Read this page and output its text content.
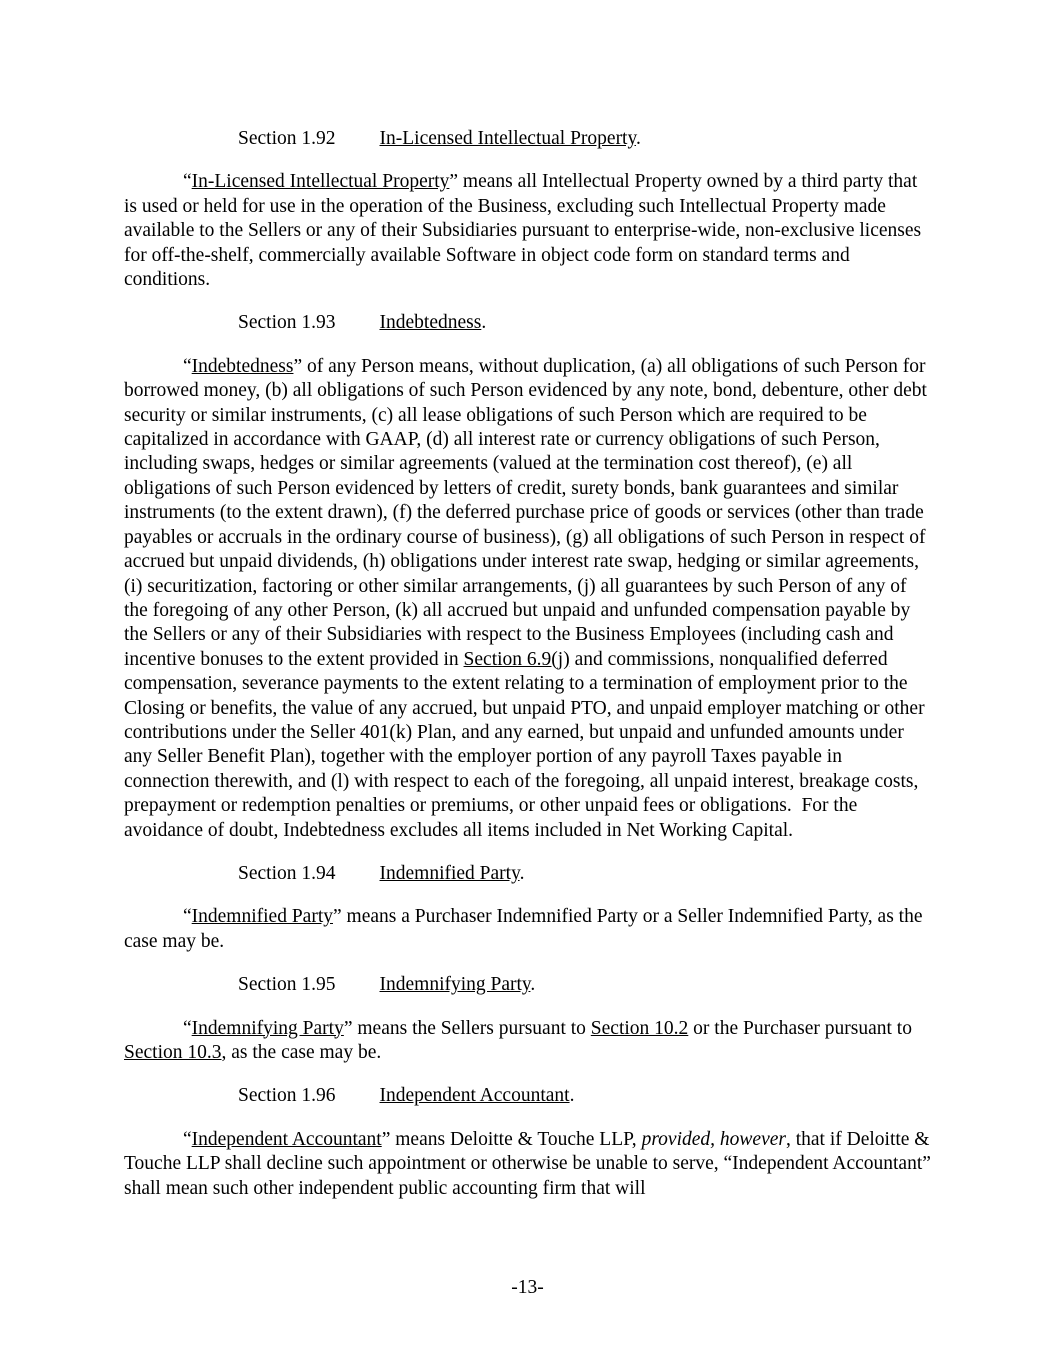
Section 1.92 In-Licensed Intellectual Property.

“In-Licensed Intellectual Property” means all Intellectual Property owned by a third party that is used or held for use in the operation of the Business, excluding such Intellectual Property made available to the Sellers or any of their Subsidiaries pursuant to enterprise-wide, non-exclusive licenses for off-the-shelf, commercially available Software in object code form on standard terms and conditions.

Section 1.93 Indebtedness.

“Indebtedness” of any Person means, without duplication, (a) all obligations of such Person for borrowed money, (b) all obligations of such Person evidenced by any note, bond, debenture, other debt security or similar instruments, (c) all lease obligations of such Person which are required to be capitalized in accordance with GAAP, (d) all interest rate or currency obligations of such Person, including swaps, hedges or similar agreements (valued at the termination cost thereof), (e) all obligations of such Person evidenced by letters of credit, surety bonds, bank guarantees and similar instruments (to the extent drawn), (f) the deferred purchase price of goods or services (other than trade payables or accruals in the ordinary course of business), (g) all obligations of such Person in respect of accrued but unpaid dividends, (h) obligations under interest rate swap, hedging or similar agreements, (i) securitization, factoring or other similar arrangements, (j) all guarantees by such Person of any of the foregoing of any other Person, (k) all accrued but unpaid and unfunded compensation payable by the Sellers or any of their Subsidiaries with respect to the Business Employees (including cash and incentive bonuses to the extent provided in Section 6.9(j) and commissions, nonqualified deferred compensation, severance payments to the extent relating to a termination of employment prior to the Closing or benefits, the value of any accrued, but unpaid PTO, and unpaid employer matching or other contributions under the Seller 401(k) Plan, and any earned, but unpaid and unfunded amounts under any Seller Benefit Plan), together with the employer portion of any payroll Taxes payable in connection therewith, and (l) with respect to each of the foregoing, all unpaid interest, breakage costs, prepayment or redemption penalties or premiums, or other unpaid fees or obligations.  For the avoidance of doubt, Indebtedness excludes all items included in Net Working Capital.

Section 1.94 Indemnified Party.

“Indemnified Party” means a Purchaser Indemnified Party or a Seller Indemnified Party, as the case may be.

Section 1.95 Indemnifying Party.

“Indemnifying Party” means the Sellers pursuant to Section 10.2 or the Purchaser pursuant to Section 10.3, as the case may be.

Section 1.96 Independent Accountant.

“Independent Accountant” means Deloitte & Touche LLP, provided, however, that if Deloitte & Touche LLP shall decline such appointment or otherwise be unable to serve, “Independent Accountant” shall mean such other independent public accounting firm that will

-13-
